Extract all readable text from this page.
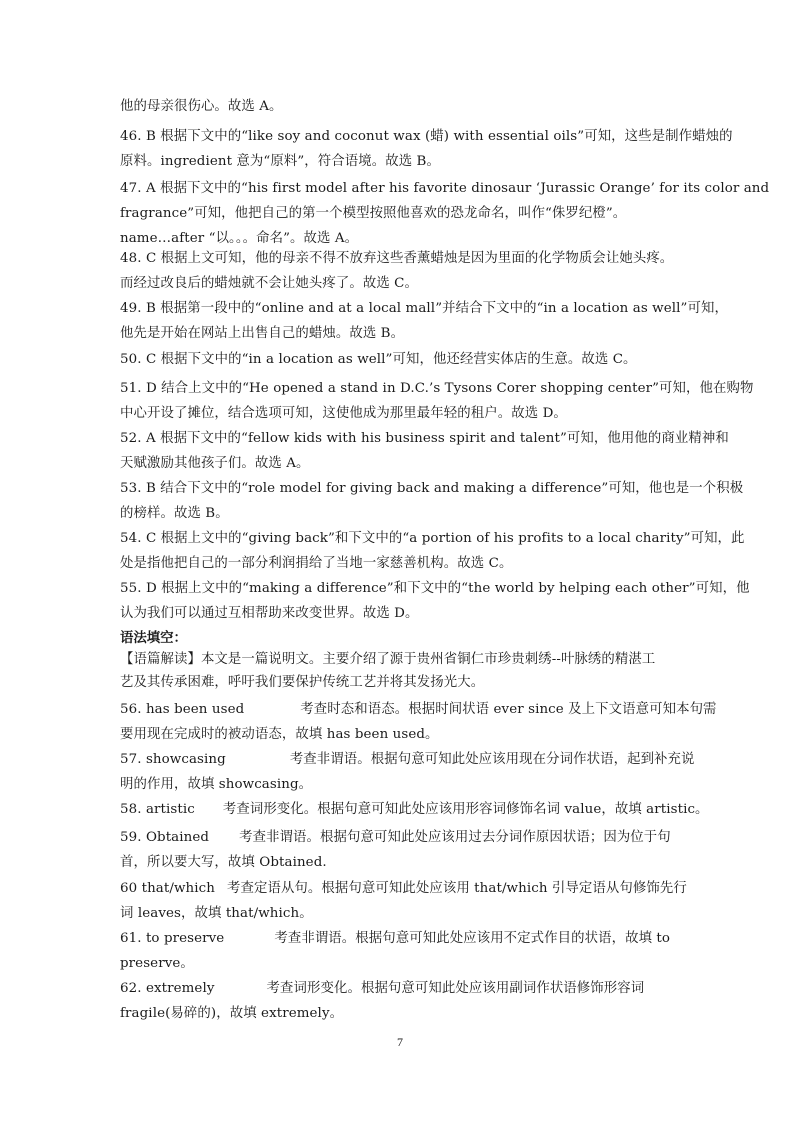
他的母亲很伤心。故选 A。
46. B 根据下文中的“like soy and coconut wax (蜡) with essential oils”可知，这些是制作蜡烛的
原料。ingredient 意为“原料”，符合语境。故选 B。
47. A 根据下文中的“his first model after his favorite dinosaur ‘Jurassic Orange’ for its color and
fragrance”可知，他把自己的第一个模型按照他喜欢的恐龙命名，叫作“侏罗纪橙”。
name…after “以。。。命名”。故选 A。
48. C 根据上文可知，他的母亲不得不放弃这些香薰蜡烛是因为里面的化学物质会让她头疼。
而经过改良后的蜡烛就不会让她头疼了。故选 C。
49. B 根据第一段中的“online and at a local mall”并结合下文中的“in a location as well”可知，
他先是开始在网站上出售自己的蜡烛。故选 B。
50. C 根据下文中的“in a location as well”可知，他还经营实体店的生意。故选 C。
51. D 结合上文中的“He opened a stand in D.C.’s Tysons Corer shopping center”可知，他在购物
中心开设了摊位，结合选项可知，这使他成为那里最年轻的租户。故选 D。
52. A 根据下文中的“fellow kids with his business spirit and talent”可知，他用他的商业精神和
天赋激励其他孩子们。故选 A。
53. B 结合下文中的“role model for giving back and making a difference”可知，他也是一个积极
的榜样。故选 B。
54. C 根据上文中的“giving back”和下文中的“a portion of his profits to a local charity”可知，此
处是指他把自己的一部分利润捐给了当地一家慈善机构。故选 C。
55. D 根据上文中的“making a difference”和下文中的“the world by helping each other”可知，他
认为我们可以通过互相帮助来改变世界。故选 D。
语法填空：
【语篇解读】本文是一篇说明文。主要介绍了源于贵州省铜仁市珍贵刺绣--叶脉绣的精湛工
艺及其传承困难，呼吁我们要保护传统工艺并将其发扬光大。
56. has been used	考查时态和语态。根据时间状语 ever since 及上下文语意可知本句需
要用现在完成时的被动语态，故填 has been used。
57. showcasing	考查非谓语。根据句意可知此处应该用现在分词作状语，起到补充说
明的作用，故填 showcasing。
58. artistic 考查词形变化。根据句意可知此处应该用形容词修饰名词 value，故填 artistic。
59. Obtained 考查非谓语。根据句意可知此处应该用过去分词作原因状语；因为位于句
首，所以要大写，故填 Obtained.
60 that/which 考查定语从句。根据句意可知此处应该用 that/which 引导定语从句修饰先行
词 leaves，故填 that/which。
61. to preserve	考查非谓语。根据句意可知此处应该用不定式作目的状语，故填 to
preserve。
62. extremely	考查词形变化。根据句意可知此处应该用副词作状语修饰形容词
fragile(易碎的)，故填 extremely。
7
